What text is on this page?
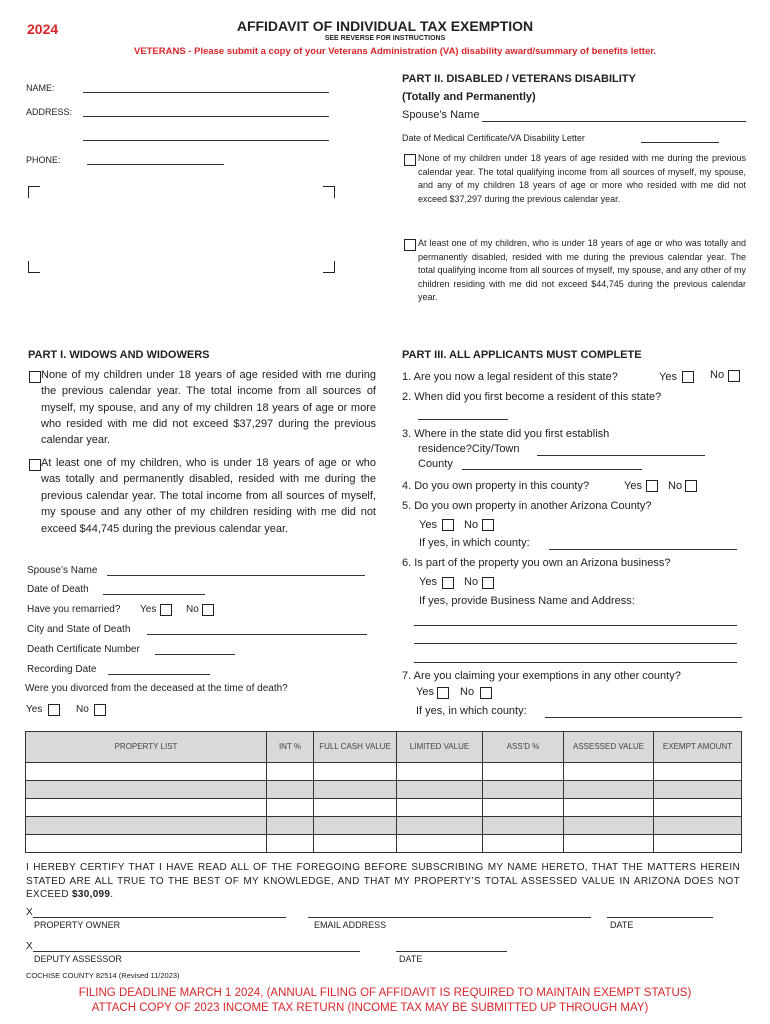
2024	AFFIDAVIT OF INDIVIDUAL TAX EXEMPTION
SEE REVERSE FOR INSTRUCTIONS
VETERANS - Please submit a copy of your Veterans Administration (VA) disability award/summary of benefits letter.
NAME:
ADDRESS:
PHONE:
PART II. DISABLED / VETERANS DISABILITY
(Totally and Permanently)
Spouse’s Name
Date of Medical Certificate/VA Disability Letter
None of my children under 18 years of age resided with me during the previous calendar year. The total qualifying income from all sources of myself, my spouse, and any of my children 18 years of age or more who resided with me did not exceed $37,297 during the previous calendar year.
At least one of my children, who is under 18 years of age or who was totally and permanently disabled, resided with me during the previous calendar year. The total qualifying income from all sources of myself, my spouse, and any other of my children residing with me did not exceed $44,745 during the previous calendar year.
PART I. WIDOWS AND WIDOWERS
None of my children under 18 years of age resided with me during the previous calendar year. The total income from all sources of myself, my spouse, and any of my children 18 years of age or more who resided with me did not exceed $37,297 during the previous calendar year.
At least one of my children, who is under 18 years of age or who was totally and permanently disabled, resided with me during the previous calendar year. The total income from all sources of myself, my spouse and any other of my children residing with me did not exceed $44,745 during the previous calendar year.
Spouse’s Name
Date of Death
Have you remarried? Yes	No
City and State of Death
Death Certificate Number
Recording Date
Were you divorced from the deceased at the time of death?
Yes	No
PART III. ALL APPLICANTS MUST COMPLETE
1. Are you now a legal resident of this state?	Yes	No
2. When did you first become a resident of this state?
3. Where in the state did you first establish
residence?City/Town
County
4. Do you own property in this county?	Yes No
5. Do you own property in another Arizona County?
Yes No
If yes, in which county:
6. Is part of the property you own an Arizona business?
Yes No
If yes, provide Business Name and Address:
7. Are you claiming your exemptions in any other county?
Yes No
If yes, in which county:
PROPERTY LIST	INT %	FULL CASH VALUE	LIMITED VALUE	ASS'D %	ASSESSED VALUE	EXEMPT AMOUNT

I HEREBY CERTIFY THAT I HAVE READ ALL OF THE FOREGOING BEFORE SUBSCRIBING MY NAME HERETO, THAT THE MATTERS HEREIN STATED ARE ALL TRUE TO THE BEST OF MY KNOWLEDGE, AND THAT MY PROPERTY’S TOTAL ASSESSED VALUE IN ARIZONA DOES NOT EXCEED $30,099.
X
PROPERTY OWNER	EMAIL ADDRESS	DATE
X
DEPUTY ASSESSOR	DATE
COCHISE COUNTY 82514 (Revised 11/2023)
FILING DEADLINE MARCH 1 2024, (ANNUAL FILING OF AFFIDAVIT IS REQUIRED TO MAINTAIN EXEMPT STATUS)
ATTACH COPY OF 2023 INCOME TAX RETURN (INCOME TAX MAY BE SUBMITTED UP THROUGH MAY)
